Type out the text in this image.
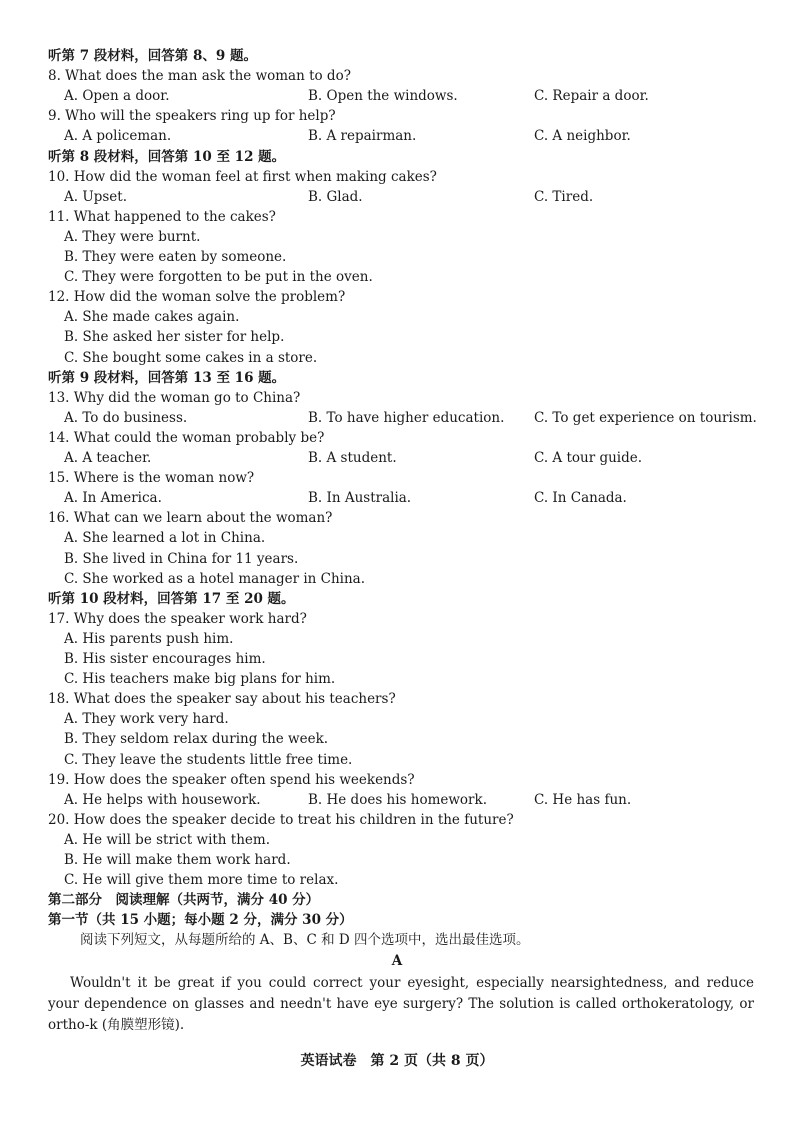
听第 7 段材料，回答第 8、9 题。
8. What does the man ask the woman to do?
A. Open a door.	B. Open the windows.	C. Repair a door.
9. Who will the speakers ring up for help?
A. A policeman.	B. A repairman.	C. A neighbor.
听第 8 段材料，回答第 10 至 12 题。
10. How did the woman feel at first when making cakes?
A. Upset.	B. Glad.	C. Tired.
11. What happened to the cakes?
A. They were burnt.
B. They were eaten by someone.
C. They were forgotten to be put in the oven.
12. How did the woman solve the problem?
A. She made cakes again.
B. She asked her sister for help.
C. She bought some cakes in a store.
听第 9 段材料，回答第 13 至 16 题。
13. Why did the woman go to China?
A. To do business.	B. To have higher education. C. To get experience on tourism.
14. What could the woman probably be?
A. A teacher.	B. A student.	C. A tour guide.
15. Where is the woman now?
A. In America.	B. In Australia.	C. In Canada.
16. What can we learn about the woman?
A. She learned a lot in China.
B. She lived in China for 11 years.
C. She worked as a hotel manager in China.
听第 10 段材料，回答第 17 至 20 题。
17. Why does the speaker work hard?
A. His parents push him.
B. His sister encourages him.
C. His teachers make big plans for him.
18. What does the speaker say about his teachers?
A. They work very hard.
B. They seldom relax during the week.
C. They leave the students little free time.
19. How does the speaker often spend his weekends?
A. He helps with housework.	B. He does his homework.	C. He has fun.
20. How does the speaker decide to treat his children in the future?
A. He will be strict with them.
B. He will make them work hard.
C. He will give them more time to relax.
第二部分　阅读理解（共两节，满分 40 分）
第一节（共 15 小题；每小题 2 分，满分 30 分）
阅读下列短文，从每题所给的 A、B、C 和 D 四个选项中，选出最佳选项。
A
Wouldn't it be great if you could correct your eyesight, especially nearsightedness, and reduce your dependence on glasses and needn't have eye surgery? The solution is called orthokeratology, or ortho-k (角膜塑形镜).
英语试卷　第 2 页（共 8 页）
